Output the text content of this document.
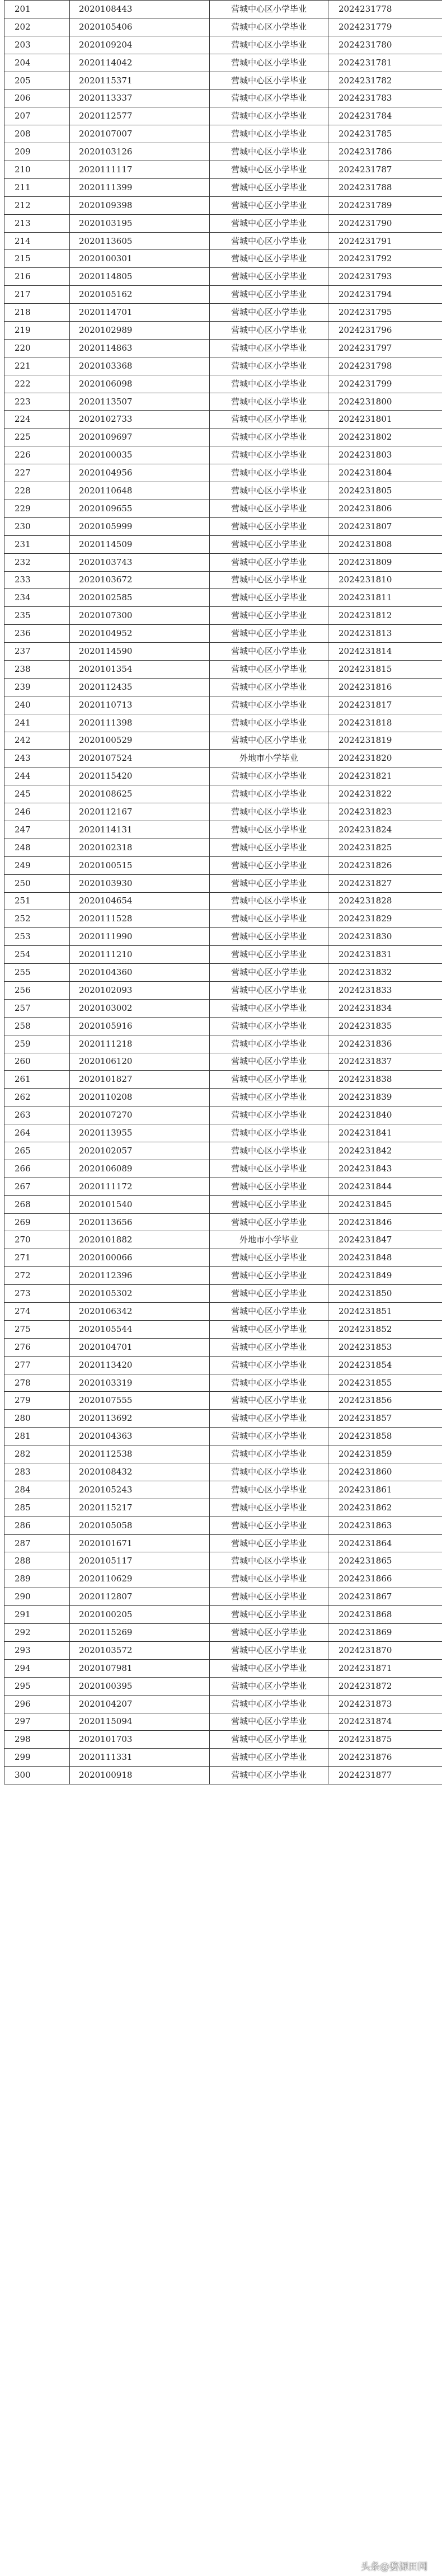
201	2020108443	营城中心区小学毕业	2024231778
202	2020105406	营城中心区小学毕业	2024231779
203	2020109204	营城中心区小学毕业	2024231780
204	2020114042	营城中心区小学毕业	2024231781
205	2020115371	营城中心区小学毕业	2024231782
206	2020113337	营城中心区小学毕业	2024231783
207	2020112577	营城中心区小学毕业	2024231784
208	2020107007	营城中心区小学毕业	2024231785
209	2020103126	营城中心区小学毕业	2024231786
210	2020111117	营城中心区小学毕业	2024231787
211	2020111399	营城中心区小学毕业	2024231788
212	2020109398	营城中心区小学毕业	2024231789
213	2020103195	营城中心区小学毕业	2024231790
214	2020113605	营城中心区小学毕业	2024231791
215	2020100301	营城中心区小学毕业	2024231792
216	2020114805	营城中心区小学毕业	2024231793
217	2020105162	营城中心区小学毕业	2024231794
218	2020114701	营城中心区小学毕业	2024231795
219	2020102989	营城中心区小学毕业	2024231796
220	2020114863	营城中心区小学毕业	2024231797
221	2020103368	营城中心区小学毕业	2024231798
222	2020106098	营城中心区小学毕业	2024231799
223	2020113507	营城中心区小学毕业	2024231800
224	2020102733	营城中心区小学毕业	2024231801
225	2020109697	营城中心区小学毕业	2024231802
226	2020100035	营城中心区小学毕业	2024231803
227	2020104956	营城中心区小学毕业	2024231804
228	2020110648	营城中心区小学毕业	2024231805
229	2020109655	营城中心区小学毕业	2024231806
230	2020105999	营城中心区小学毕业	2024231807
231	2020114509	营城中心区小学毕业	2024231808
232	2020103743	营城中心区小学毕业	2024231809
233	2020103672	营城中心区小学毕业	2024231810
234	2020102585	营城中心区小学毕业	2024231811
235	2020107300	营城中心区小学毕业	2024231812
236	2020104952	营城中心区小学毕业	2024231813
237	2020114590	营城中心区小学毕业	2024231814
238	2020101354	营城中心区小学毕业	2024231815
239	2020112435	营城中心区小学毕业	2024231816
240	2020110713	营城中心区小学毕业	2024231817
241	2020111398	营城中心区小学毕业	2024231818
242	2020100529	营城中心区小学毕业	2024231819
243	2020107524	外地市小学毕业	2024231820
244	2020115420	营城中心区小学毕业	2024231821
245	2020108625	营城中心区小学毕业	2024231822
246	2020112167	营城中心区小学毕业	2024231823
247	2020114131	营城中心区小学毕业	2024231824
248	2020102318	营城中心区小学毕业	2024231825
249	2020100515	营城中心区小学毕业	2024231826
250	2020103930	营城中心区小学毕业	2024231827
251	2020104654	营城中心区小学毕业	2024231828
252	2020111528	营城中心区小学毕业	2024231829
253	2020111990	营城中心区小学毕业	2024231830
254	2020111210	营城中心区小学毕业	2024231831
255	2020104360	营城中心区小学毕业	2024231832
256	2020102093	营城中心区小学毕业	2024231833
257	2020103002	营城中心区小学毕业	2024231834
258	2020105916	营城中心区小学毕业	2024231835
259	2020111218	营城中心区小学毕业	2024231836
260	2020106120	营城中心区小学毕业	2024231837
261	2020101827	营城中心区小学毕业	2024231838
262	2020110208	营城中心区小学毕业	2024231839
263	2020107270	营城中心区小学毕业	2024231840
264	2020113955	营城中心区小学毕业	2024231841
265	2020102057	营城中心区小学毕业	2024231842
266	2020106089	营城中心区小学毕业	2024231843
267	2020111172	营城中心区小学毕业	2024231844
268	2020101540	营城中心区小学毕业	2024231845
269	2020113656	营城中心区小学毕业	2024231846
270	2020101882	外地市小学毕业	2024231847
271	2020100066	营城中心区小学毕业	2024231848
272	2020112396	营城中心区小学毕业	2024231849
273	2020105302	营城中心区小学毕业	2024231850
274	2020106342	营城中心区小学毕业	2024231851
275	2020105544	营城中心区小学毕业	2024231852
276	2020104701	营城中心区小学毕业	2024231853
277	2020113420	营城中心区小学毕业	2024231854
278	2020103319	营城中心区小学毕业	2024231855
279	2020107555	营城中心区小学毕业	2024231856
280	2020113692	营城中心区小学毕业	2024231857
281	2020104363	营城中心区小学毕业	2024231858
282	2020112538	营城中心区小学毕业	2024231859
283	2020108432	营城中心区小学毕业	2024231860
284	2020105243	营城中心区小学毕业	2024231861
285	2020115217	营城中心区小学毕业	2024231862
286	2020105058	营城中心区小学毕业	2024231863
287	2020101671	营城中心区小学毕业	2024231864
288	2020105117	营城中心区小学毕业	2024231865
289	2020110629	营城中心区小学毕业	2024231866
290	2020112807	营城中心区小学毕业	2024231867
291	2020100205	营城中心区小学毕业	2024231868
292	2020115269	营城中心区小学毕业	2024231869
293	2020103572	营城中心区小学毕业	2024231870
294	2020107981	营城中心区小学毕业	2024231871
295	2020100395	营城中心区小学毕业	2024231872
296	2020104207	营城中心区小学毕业	2024231873
297	2020115094	营城中心区小学毕业	2024231874
298	2020101703	营城中心区小学毕业	2024231875
299	2020111331	营城中心区小学毕业	2024231876
300	2020100918	营城中心区小学毕业	2024231877
头条@婺源田网
